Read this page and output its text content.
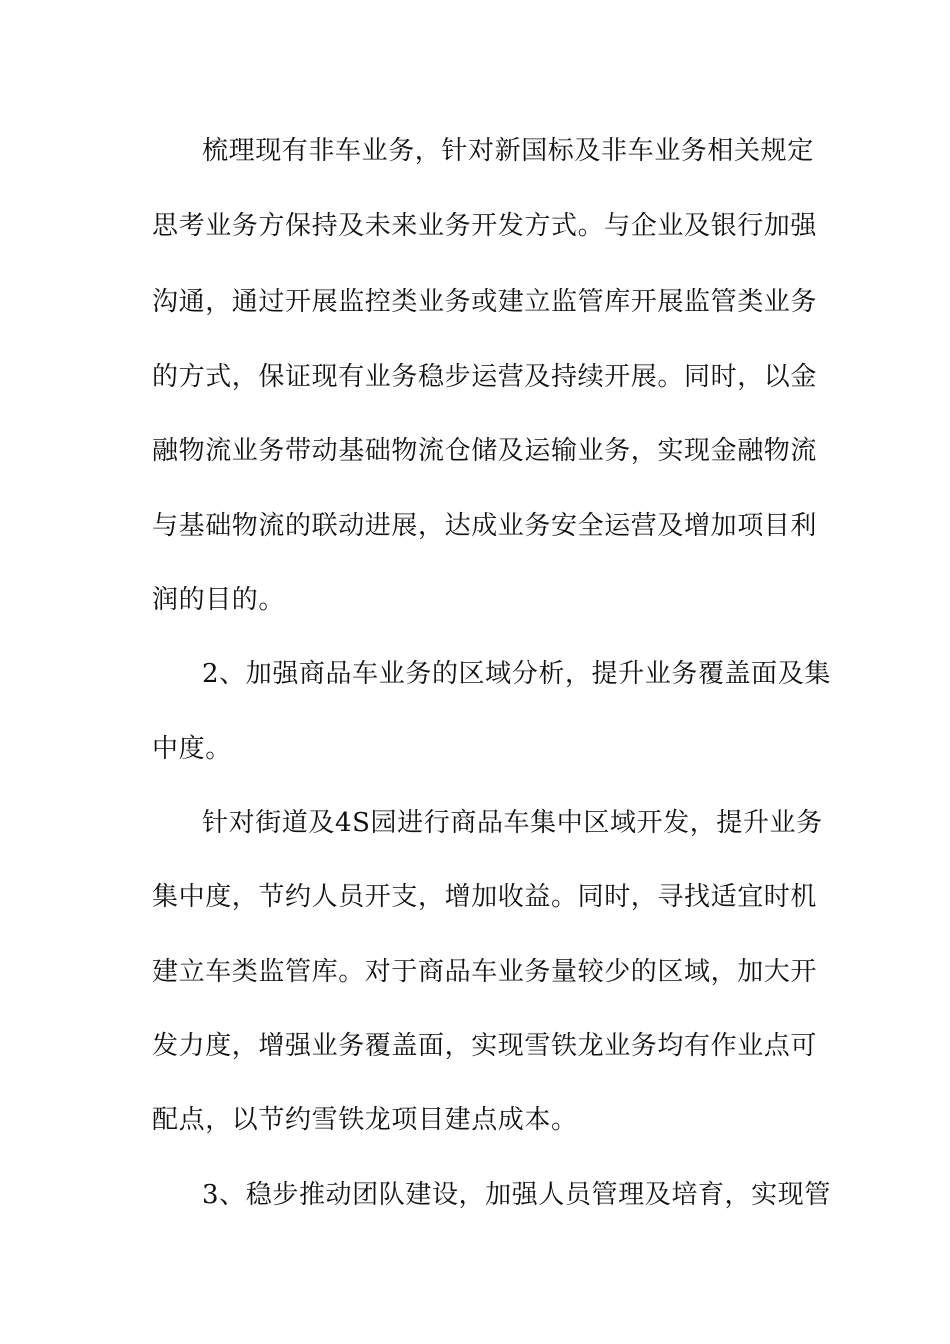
梳理现有非车业务，针对新国标及非车业务相关规定
思考业务方保持及未来业务开发方式。与企业及银行加强
沟通，通过开展监控类业务或建立监管库开展监管类业务
的方式，保证现有业务稳步运营及持续开展。同时，以金
融物流业务带动基础物流仓储及运输业务，实现金融物流
与基础物流的联动进展，达成业务安全运营及增加项目利
润的目的。
2、加强商品车业务的区域分析，提升业务覆盖面及集
中度。
针对街道及4S园进行商品车集中区域开发，提升业务
集中度，节约人员开支，增加收益。同时，寻找适宜时机
建立车类监管库。对于商品车业务量较少的区域，加大开
发力度，增强业务覆盖面，实现雪铁龙业务均有作业点可
配点，以节约雪铁龙项目建点成本。
3、稳步推动团队建设，加强人员管理及培育，实现管
